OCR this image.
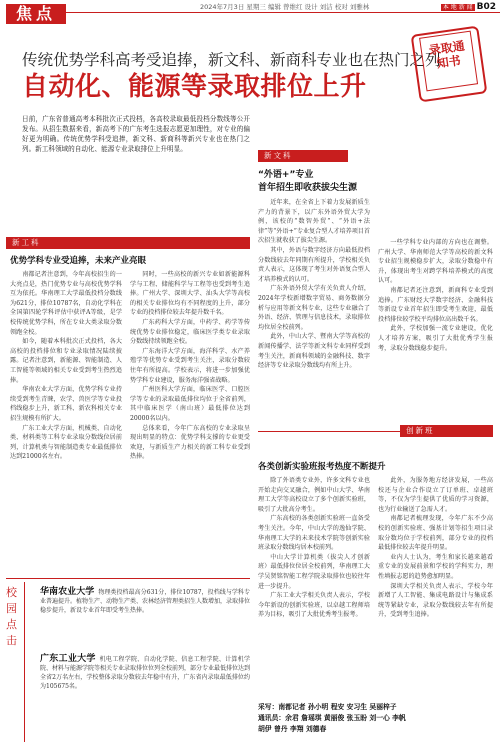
焦点	2024年7月3日 星期三 编辑 曾维红 设计 刘洁 校对 刘雅林	本 地 新 闻 B02
传统优势学科高考受追捧，新文科、新商科专业也在热门之列
自动化、能源等录取排位上升
录取通知书
日前，广东省普通高考本科批次正式投档，各高校录取最低投档分数线等公开发布。从招生数据来看，新高考下的广东考生选报志愿更加理性，对专业的偏好更为明确。传统优势学科受追捧，新文科、新商科等新兴专业也在热门之列。新工科领域的自动化、能源专业录取排位上升明显。
新工科
优势学科专业受追捧，未来产业亮眼

南都记者注意到，今年高校招生的一大亮点是，热门优势专业与高校优势学科互为依托。华南理工大学最低投档分数线为621分，排位10787名，自动化学科在全国第四轮学科评估中获评A等级，是学校传统优势学科，所在专业大类录取分数领跑全校。

如今，随着本科批次正式投档，各大高校的投档排位和专业录取情况陆续披露。记者注意到，新能源、智能制造、人工智能等领域的相关专业受到考生热烈追捧。

华南农业大学方面，优势学科专业持续受到考生青睐，农学、兽医学等专业投档线稳步上升，新工科、新农科相关专业招生规模有所扩大。

广东工业大学方面，机械类、自动化类、材料类等工科专业录取分数线位居前列，计算机类与智能制造类专业最低排位达到21000名左右。

同时，一些高校的新兴专业如新能源科学与工程、储能科学与工程等也受到考生追捧。广州大学、深圳大学、汕头大学等高校的相关专业排位均有不同程度的上升，部分专业的投档排位较去年提升数千名。

广东药科大学方面，中药学、药学等传统优势专业排位稳定，临床医学类专业录取分数线持续领跑全校。

广东海洋大学方面，海洋科学、水产养殖学等优势专业受到考生关注，录取分数较往年有所提高。学校表示，将进一步加强优势学科专业建设，服务海洋强省战略。

广州医科大学方面，临床医学、口腔医学等专业的录取最低排位均位于全省前列，其中临床医学（南山班）最低排位达到20000名以内。

总体来看，今年广东高校的专业录取呈现出明显的特点：优势学科支撑的专业更受欢迎，与新质生产力相关的新工科专业受到热捧。

新文科
“外语+”专业
首年招生即收获拔尖生源

近年来，在全省上下着力发展新质生产力的背景下，以广东外语外贸大学为例，该校的“数智外贸”、“外语+法律”等“外语+”专业复合型人才培养项目首次招生就收获了拔尖生源。

其中，外语与数字经济方向最低投档分数线较去年同期有所提升，学校相关负责人表示，这体现了考生对外语复合型人才培养模式的认可。

广东外语外贸大学有关负责人介绍，2024年学校新增数字贸易、商务数据分析与应用等新文科专业，这些专业融合了外语、经济、管理与信息技术，录取排位均位居全校前列。

此外，中山大学、暨南大学等高校的新闻传播学、法学等新文科专业同样受到考生关注，新商科领域的金融科技、数字经济等专业录取分数线均有所上升。

一些学科专业内部的方向也在调整。广州大学、华南师范大学等高校的新文科专业招生规模稳步扩大，录取分数稳中有升，体现出考生对跨学科培养模式的高度认可。

南都记者还注意到，新商科专业受到追捧。广东财经大学数字经济、金融科技等新设专业首年招生即受考生欢迎，最低投档排位较学校平均排位高出数千名。

此外，学校加强一流专业建设，优化人才培养方案，吸引了大批优秀学生报考，录取分数线稳步提升。

创新班
各类创新实验班报考热度不断提升

除了外语类专业外，许多文科专业也开始走向交叉融合，例如中山大学、华南理工大学等高校设立了多个创新实验班，吸引了大批高分考生。

广东高校的各类创新实验班一直备受考生关注。今年，中山大学的逸仙学院、华南理工大学的未来技术学院等创新实验班录取分数线均居本校前列。

中山大学计算机类（拔尖人才创新班）最低排位位居全校前列，华南理工大学吴贤铭智能工程学院录取排位也较往年进一步提升。

广东工业大学相关负责人表示，学校今年新设的创新实验班，以卓越工程师培养为目标，吸引了大批优秀考生报考。

此外，为服务地方经济发展，一些高校还与企业合作设立了订单班、卓越班等，不仅为学生提供了优质的学习资源，也为行业输送了急需人才。

南都记者梳理发现，今年广东不少高校的创新实验班、强基计划等招生项目录取分数均位于学校前列，部分专业的投档最低排位较去年提升明显。

业内人士认为，考生和家长越来越看重专业的发展前景和学校的学科实力，理性填报志愿的趋势愈加明显。

深圳大学相关负责人表示，学校今年新增了人工智能、集成电路设计与集成系统等紧缺专业，录取分数线较去年有所提升，受到考生追捧。

校园点击
华南农业大学 物理类投档最高分631分，排位10787，投档线与学科专业普遍提升。植物生产、动物生产类、农林经济管理类招生人数增加，录取排位稳步提升，新设专业首年即受考生热捧。
广东工业大学 机电工程学院、自动化学院、信息工程学院、计算机学院、材料与能源学院等相关专业录取排位位列全校前列，部分专业最低排位达到全省2万名左右，学校整体录取分数较去年稳中有升，广东省内录取最低排位约为105675名。
采写：南都记者 孙小明 程安 安习生 吴丽梓子
通讯员：余君 詹瑶琪 黄丽俊 张玉盼 刘一心 李帆
胡伊 曾丹 李翔 刘德春
